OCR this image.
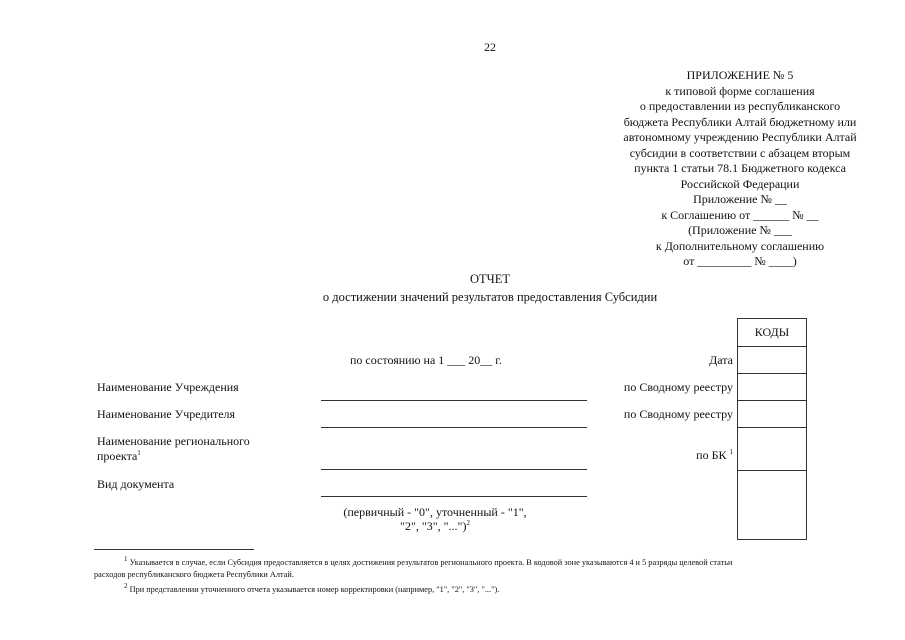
22
ПРИЛОЖЕНИЕ № 5
к типовой форме соглашения
о предоставлении из республиканского
бюджета Республики Алтай бюджетному или
автономному учреждению Республики Алтай
субсидии в соответствии с абзацем вторым
пункта 1 статьи 78.1 Бюджетного кодекса
Российской Федерации
Приложение № __
к Соглашению от ______ № __
(Приложение № ___
к Дополнительному соглашению
от _________ № ____)
ОТЧЕТ
о достижении значений результатов предоставления Субсидии
по состоянию на 1 ___ 20__ г.
Наименование Учреждения
Наименование Учредителя
Наименование регионального
проекта$^1$
Вид документа
(первичный - "0", уточненный - "1",
"2", "3", "...")$^2$
Дата
по Сводному реестру
по Сводному реестру
по БК $^1$
КОДЫ
$^1$ Указывается в случае, если Субсидия предоставляется в целях достижения результатов регионального проекта. В кодовой зоне указываются 4 и 5 разряды целевой статьи
расходов республиканского бюджета Республики Алтай.
$^2$ При представлении уточненного отчета указывается номер корректировки (например, "1", "2", "3", "...").
